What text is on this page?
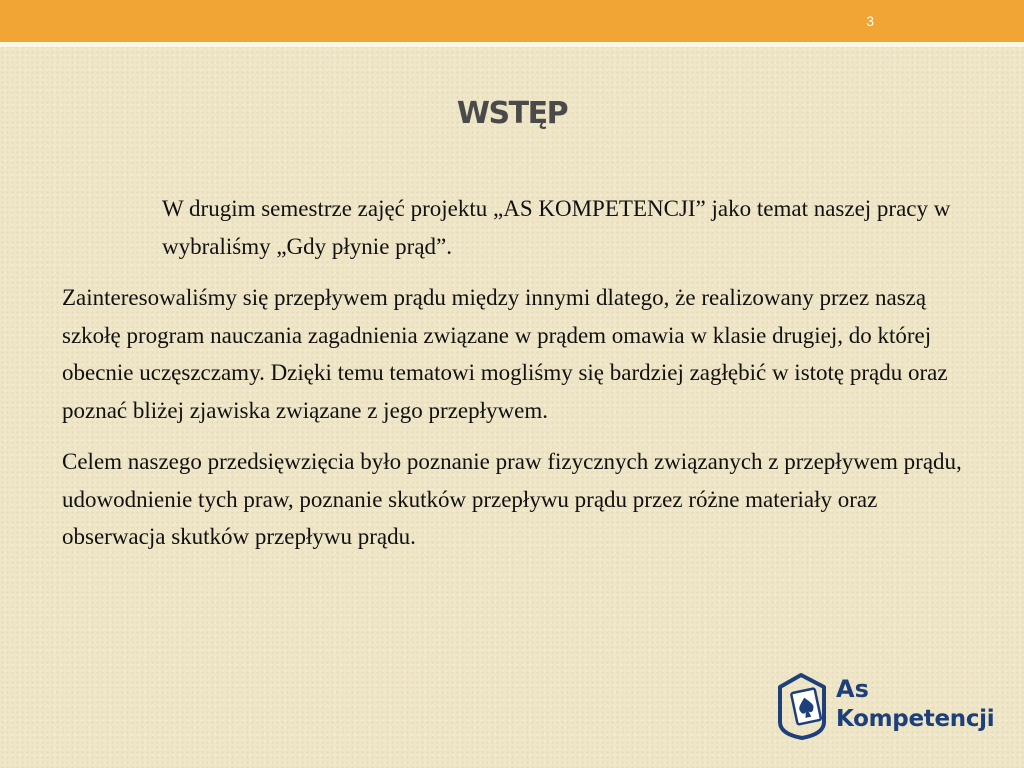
3
WSTĘP

W drugim semestrze zajęć projektu „AS KOMPETENCJI” jako temat naszej pracy w wybraliśmy „Gdy płynie prąd”.

Zainteresowaliśmy się przepływem prądu między innymi dlatego, że realizowany przez naszą szkołę program nauczania zagadnienia związane w prądem omawia w klasie drugiej, do której obecnie uczęszczamy. Dzięki temu tematowi mogliśmy się bardziej zagłębić w istotę prądu oraz poznać bliżej zjawiska związane z jego przepływem.

Celem naszego przedsięwzięcia było poznanie praw fizycznych związanych z przepływem prądu, udowodnienie tych praw, poznanie skutków przepływu prądu przez różne materiały oraz obserwacja skutków przepływu prądu.

As
Kompetencji
